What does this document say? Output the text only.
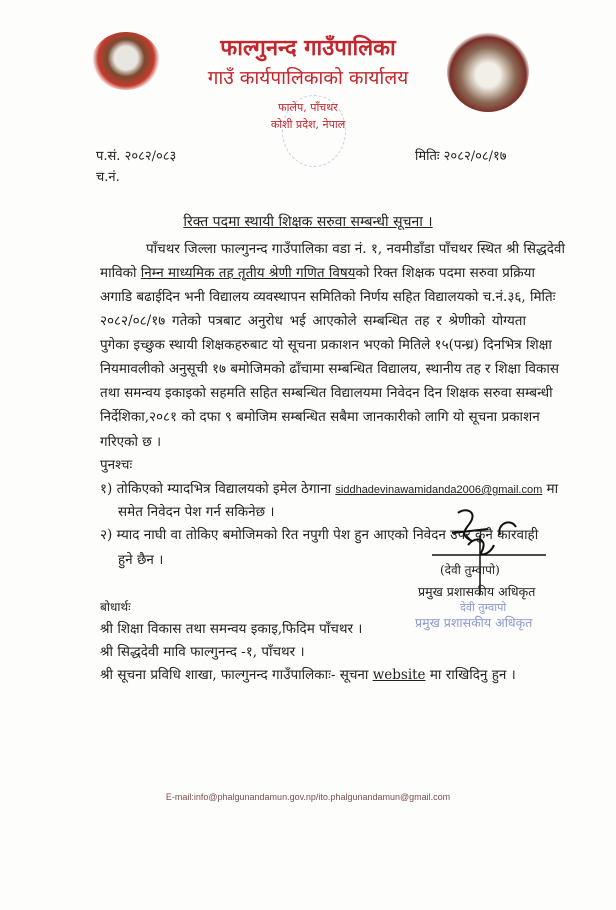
फाल्गुनन्द गाउँपालिका
गाउँ कार्यपालिकाको कार्यालय
फालेप, पाँचथर
कोशी प्रदेश, नेपाल
प.सं. २०८२/०८३
च.नं.
मितिः २०८२/०८/१७
रिक्त पदमा स्थायी शिक्षक सरुवा सम्बन्धी सूचना ।
पाँचथर जिल्ला फाल्गुनन्द गाउँपालिका वडा नं. १, नवमीडाँडा पाँचथर स्थित श्री सिद्धदेवी
माविको निम्न माध्यमिक तह तृतीय श्रेणी गणित विषयको रिक्त शिक्षक पदमा सरुवा प्रक्रिया
अगाडि बढाईदिन भनी विद्यालय व्यवस्थापन समितिको निर्णय सहित विद्यालयको च.नं.३६, मितिः
२०८२/०८/१७ गतेको पत्रबाट अनुरोध भई आएकोले सम्बन्धित तह र श्रेणीको योग्यता
पुगेका इच्छुक स्थायी शिक्षकहरुबाट यो सूचना प्रकाशन भएको मितिले १५(पन्ध्र) दिनभित्र शिक्षा
नियमावलीको अनुसूची १७ बमोजिमको ढाँचामा सम्बन्धित विद्यालय, स्थानीय तह र शिक्षा विकास
तथा समन्वय इकाइको सहमति सहित सम्बन्धित विद्यालयमा निवेदन दिन शिक्षक सरुवा सम्बन्धी
निर्देशिका,२०८१ को दफा ९ बमोजिम सम्बन्धित सबैमा जानकारीको लागि यो सूचना प्रकाशन
गरिएको छ ।
पुनश्चः
१) तोकिएको म्यादभित्र विद्यालयको इमेल ठेगाना siddhadevinawamidanda2006@gmail.com मा
समेत निवेदन पेश गर्न सकिनेछ ।
२) म्याद नाघी वा तोकिए बमोजिमको रित नपुगी पेश हुन आएको निवेदन उपर कुनै कारवाही
हुने छैन ।
(देवी तुम्वापो)
प्रमुख प्रशासकीय अधिकृत
देवी तुम्वापो
प्रमुख प्रशासकीय अधिकृत
बोधार्थः
श्री शिक्षा विकास तथा समन्वय इकाइ,फिदिम पाँचथर ।
श्री सिद्धदेवी मावि फाल्गुनन्द -१, पाँचथर ।
श्री सूचना प्रविधि शाखा, फाल्गुनन्द गाउँपालिकाः- सूचना website मा राखिदिनु हुन ।
E-mail:info@phalgunandamun.gov.np/ito.phalgunandamun@gmail.com
